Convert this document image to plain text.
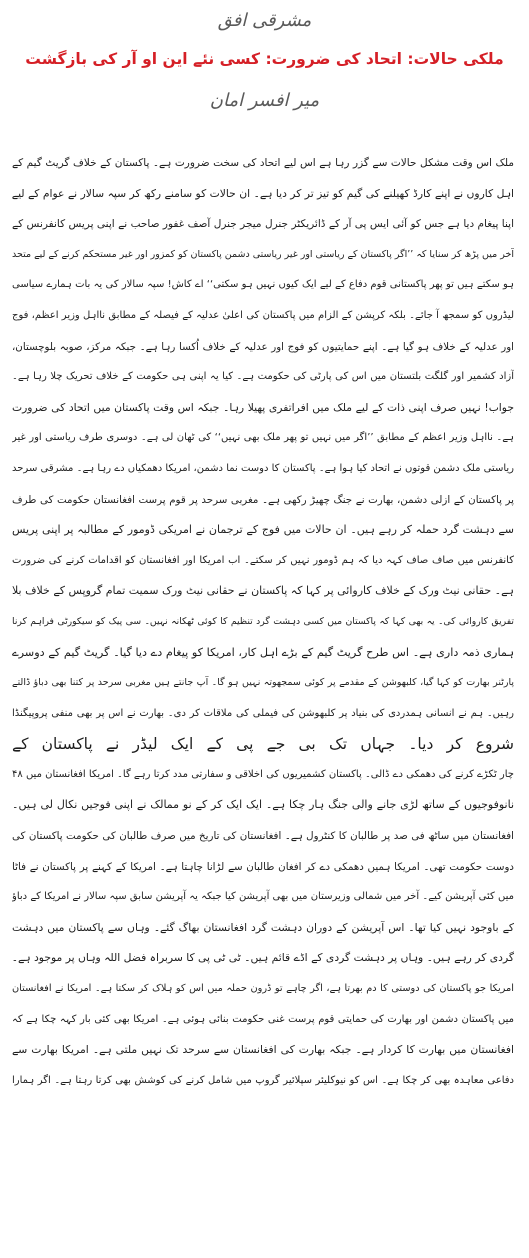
مشرقی افق
ملکی حالات: اتحاد کی ضرورت: کسی نئے این او آر کی بازگشت
میر افسر امان
ملک اس وقت مشکل حالات سے گزر رہا ہے اس لیے اتحاد کی سخت ضرورت ہے۔ پاکستان کے خلاف گریٹ گیم کے
اہل کاروں نے اپنے کارڈ کھیلنے کی گیم کو تیز تر کر دیا ہے۔ ان حالات کو سامنے رکھ کر سپہ سالار نے عوام کے لیے
اپنا پیغام دیا ہے جس کو آئی ایس پی آر کے ڈائریکٹر جنرل میجر جنرل آصف غفور صاحب نے اپنی پریس کانفرنس کے
آخر میں پڑھ کر سنایا کہ ’’اگر پاکستان کے ریاستی اور غیر ریاستی دشمن پاکستان کو کمزور اور غیر مستحکم کرنے کے لیے متحد
ہو سکتے ہیں تو پھر پاکستانی قوم دفاع کے لیے ایک کیوں نہیں ہو سکتی‘‘ اے کاش! سپہ سالار کی یہ بات ہمارے سیاسی
لیڈروں کو سمجھ آ جائے۔ بلکہ کرپشن کے الزام میں پاکستان کی اعلیٰ عدلیہ کے فیصلہ کے مطابق نااہل وزیر اعظم، فوج
اور عدلیہ کے خلاف ہو گیا ہے۔ اپنے حمایتیوں کو فوج اور عدلیہ کے خلاف اُکسا رہا ہے۔ جبکہ مرکز، صوبہ بلوچستان،
آزاد کشمیر اور گلگت بلتستان میں اس کی پارٹی کی حکومت ہے۔ کیا یہ اپنی ہی حکومت کے خلاف تحریک چلا رہا ہے۔
جواب! نہیں صرف اپنی ذات کے لیے ملک میں افراتفری پھیلا رہا۔ جبکہ اس وقت پاکستان میں اتحاد کی ضرورت
ہے۔ نااہل وزیر اعظم کے مطابق ’’اگر میں نہیں تو پھر ملک بھی نہیں‘‘ کی ٹھان لی ہے۔ دوسری طرف ریاستی اور غیر
ریاستی ملک دشمن قوتوں نے اتحاد کیا ہوا ہے۔ پاکستان کا دوست نما دشمن، امریکا دھمکیاں دے رہا ہے۔ مشرقی سرحد
پر پاکستان کے ازلی دشمن، بھارت نے جنگ چھیڑ رکھی ہے۔ مغربی سرحد پر قوم پرست افغانستان حکومت کی طرف
سے دہشت گرد حملہ کر رہے ہیں۔ ان حالات میں فوج کے ترجمان نے امریکی ڈومور کے مطالبہ پر اپنی پریس
کانفرنس میں صاف صاف کہہ دیا کہ ہم ڈومور نہیں کر سکتے۔ اب امریکا اور افغانستان کو اقدامات کرنے کی ضرورت
ہے۔ حقانی نیٹ ورک کے خلاف کاروائی پر کہا کہ پاکستان نے حقانی نیٹ ورک سمیت تمام گروپس کے خلاف بلا
تفریق کاروائی کی۔ یہ بھی کہا کہ پاکستان میں کسی دہشت گرد تنظیم کا کوئی ٹھکانہ نہیں۔ سی پیک کو سیکورٹی فراہم کرنا
ہماری ذمہ داری ہے۔ اس طرح گریٹ گیم کے بڑے اہل کار، امریکا کو پیغام دے دیا گیا۔ گریٹ گیم کے دوسرے
پارٹنر بھارت کو کہا گیا، کلبھوشن کے مقدمے پر کوئی سمجھوتہ نہیں ہو گا۔ آپ جانتے ہیں مغربی سرحد پر کتنا بھی دباؤ ڈالتے
رہیں۔ ہم نے انسانی ہمدردی کی بنیاد پر کلبھوشن کی فیملی کی ملاقات کر دی۔ بھارت نے اس پر بھی منفی پروپیگنڈا
شروع کر دیا۔ جہاں تک بی جے پی کے ایک لیڈر نے پاکستان کے
چار ٹکڑے کرنے کی دھمکی دے ڈالی۔ پاکستان کشمیریوں کی اخلاقی و سفارتی مدد کرتا رہے گا۔ امریکا افغانستان میں ۴۸
نانوفوجیوں کے ساتھ لڑی جانے والی جنگ ہار چکا ہے۔ ایک ایک کر کے نو ممالک نے اپنی فوجیں نکال لی ہیں۔
افغانستان میں ساٹھ فی صد پر طالبان کا کنٹرول ہے۔ افغانستان کی تاریخ میں صرف طالبان کی حکومت پاکستان کی
دوست حکومت تھی۔ امریکا ہمیں دھمکی دے کر افغان طالبان سے لڑانا چاہتا ہے۔ امریکا کے کہنے پر پاکستان نے فاٹا
میں کئی آپریشن کیے۔ آخر میں شمالی وزیرستان میں بھی آپریشن کیا جبکہ یہ آپریشن سابق سپہ سالار نے امریکا کے دباؤ
کے باوجود نہیں کیا تھا۔ اس آپریشن کے دوران دہشت گرد افغانستان بھاگ گئے۔ وہاں سے پاکستان میں دہشت
گردی کر رہے ہیں۔ وہاں پر دہشت گردی کے اڈے قائم ہیں۔ ٹی ٹی پی کا سربراہ فضل اللہ وہاں پر موجود ہے۔
امریکا جو پاکستان کی دوستی کا دم بھرتا ہے، اگر چاہے تو ڈرون حملہ میں اس کو ہلاک کر سکتا ہے۔ امریکا نے افغانستان
میں پاکستان دشمن اور بھارت کی حمایتی قوم پرست غنی حکومت بنائی ہوئی ہے۔ امریکا بھی کئی بار کہہ چکا ہے کہ
افغانستان میں بھارت کا کردار ہے۔ جبکہ بھارت کی افغانستان سے سرحد تک نہیں ملتی ہے۔ امریکا بھارت سے
دفاعی معاہدہ بھی کر چکا ہے۔ اس کو نیوکلیئر سپلائیر گروپ میں شامل کرنے کی کوشش بھی کرتا رہتا ہے۔ اگر ہمارا
